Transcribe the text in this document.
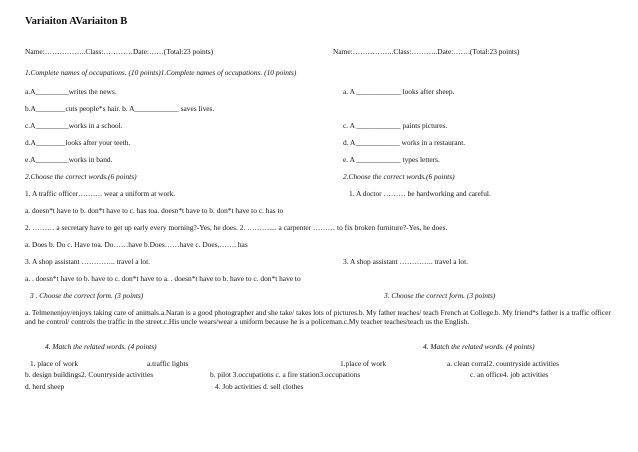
Variaiton AVariaiton B
Name:……………..Class:…………Date:……(Total:23 points)	Name:……………..Class:………..Date:…….(Total:23 points)
1.Complete names of occupations. (10 points)1.Complete names of occupations. (10 points)
a.A_________writes the news.	a. A ____________ looks after sheep.
b.A________cuts people*s hair. b. A____________ saves lives.
c.A_________works in a school.	c. A ____________ paints pictures.
d.A________looks after your teeth.	d. A____________ works in a restaurant.
e.A_________works in band.	e. A ____________ types letters.
2.Choose the correct words.(6 points)	2.Choose the correct words.(6 points)
1. A traffic officer………. wear a uniform at work.	1. A doctor ……… be hardworking and careful.
a. doesn*t have to b. don*t have to c. has toa. doesn*t have to b. don*t have to c. has to
2. ……… a secretary have to get up early every morning?-Yes, he does. 2. ……….... a carpenter ……… to fix broken furniture?-Yes, he does.
a. Does b. Do c. Have toa. Do……have b.Does……have c. Does,……. has
3. A shop assistant ………….. travel a lot.	3. A shop assistant ………….. travel a lot.
a. . doesn*t have to b. have to c. don*t have to a. . doesn*t have to b. have to c. don*t have to
3 . Choose the correct form. (3 points)	3. Choose the correct form. (3 points)
a. Telmenenjoy/enjoys taking care of animals.a.Naran is a good photographer and she take/ takes lots of pictures.b. My father teaches/ teach French at College.b. My friend*s father is a traffic officer and he control/ controls the traffic in the street.c.His uncle wears/wear a uniform because he is a policeman.c.My teacher teaches/teach us the English.
4. Match the related words. (4 points)	4. Match the related words. (4 points)
1. place of work	a.traffic lights	1.place of work	a. clean corral2. countryside activities
b. design buildings2. Countryside activities	b. pilot 3.occupations c. a fire station3.occupations	c. an office4. job activities
d. herd sheep	4. Job activities d. sell clothes
